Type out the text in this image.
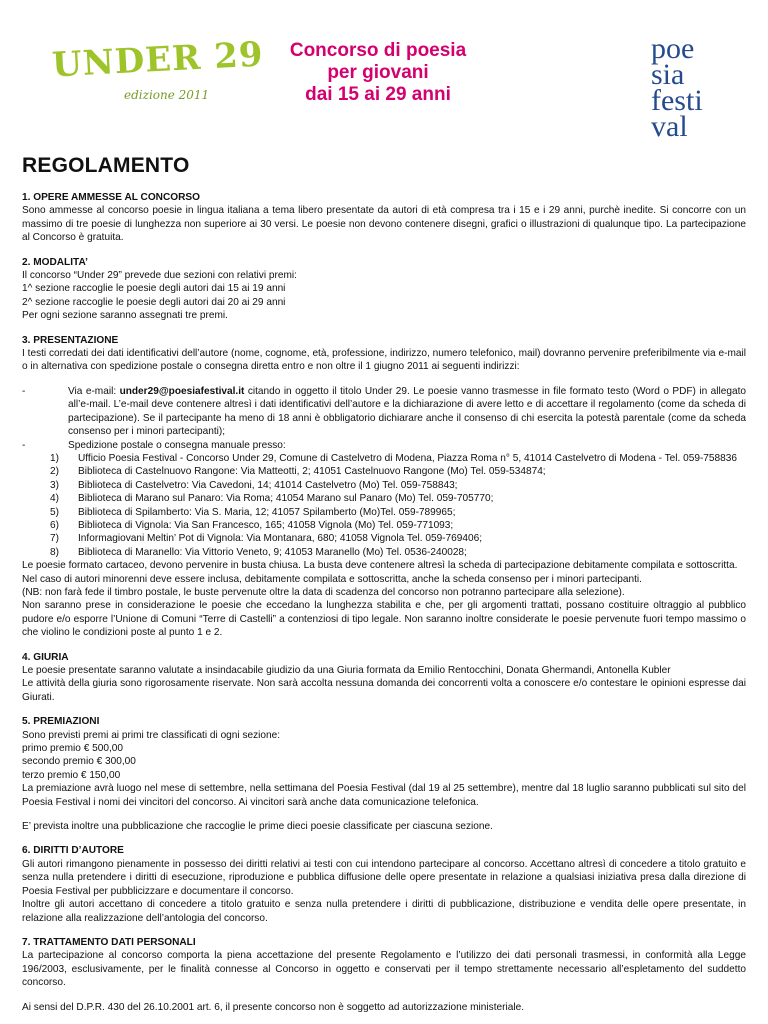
UNDER 29
edizione 2011
Concorso di poesia
per giovani
dai 15 ai 29 anni
poe
sia
festi
val
REGOLAMENTO
1. OPERE AMMESSE AL CONCORSO

Sono ammesse al concorso poesie in lingua italiana a tema libero presentate da autori di età compresa tra i 15 e i 29 anni, purchè inedite. Si concorre con un massimo di tre poesie di lunghezza non superiore ai 30 versi. Le poesie non devono contenere disegni, grafici o illustrazioni di qualunque tipo. La partecipazione al Concorso è gratuita.

2. MODALITA’

Il concorso “Under 29” prevede due sezioni con relativi premi:

1^ sezione raccoglie le poesie degli autori dai 15 ai 19 anni

2^ sezione raccoglie le poesie degli autori dai 20 ai 29 anni

Per ogni sezione saranno assegnati tre premi.

3. PRESENTAZIONE

I testi corredati dei dati identificativi dell’autore (nome, cognome, età, professione, indirizzo, numero telefonico, mail) dovranno pervenire preferibilmente via e-mail o in alternativa con spedizione postale o consegna diretta entro e non oltre il 1 giugno 2011 ai seguenti indirizzi:

-	Via e-mail: under29@poesiafestival.it citando in oggetto il titolo Under 29. Le poesie vanno trasmesse in file formato testo (Word o PDF) in allegato all’e-mail. L’e-mail deve contenere altresì i dati identificativi dell’autore e la dichiarazione di avere letto e di accettare il regolamento (come da scheda di partecipazione). Se il partecipante ha meno di 18 anni è obbligatorio dichiarare anche il consenso di chi esercita la potestà parentale (come da scheda consenso per i minori partecipanti);

-	Spedizione postale o consegna manuale presso:

1) Ufficio Poesia Festival - Concorso Under 29, Comune di Castelvetro di Modena, Piazza Roma n° 5, 41014 Castelvetro di Modena - Tel. 059-758836
2) Biblioteca di Castelnuovo Rangone: Via Matteotti, 2; 41051 Castelnuovo Rangone (Mo) Tel. 059-534874;
3) Biblioteca di Castelvetro: Via Cavedoni, 14; 41014 Castelvetro (Mo) Tel. 059-758843;
4) Biblioteca di Marano sul Panaro: Via Roma; 41054 Marano sul Panaro (Mo) Tel. 059-705770;
5) Biblioteca di Spilamberto: Via S. Maria, 12; 41057 Spilamberto (Mo)Tel. 059-789965;
6) Biblioteca di Vignola: Via San Francesco, 165; 41058 Vignola (Mo) Tel. 059-771093;
7) Informagiovani Meltin’ Pot di Vignola: Via Montanara, 680; 41058 Vignola Tel. 059-769406;
8) Biblioteca di Maranello: Via Vittorio Veneto, 9; 41053 Maranello (Mo) Tel. 0536-240028;

Le poesie formato cartaceo, devono pervenire in busta chiusa. La busta deve contenere altresì la scheda di partecipazione debitamente compilata e sottoscritta.

Nel caso di autori minorenni deve essere inclusa, debitamente compilata e sottoscritta, anche la scheda consenso per i minori partecipanti.

(NB: non farà fede il timbro postale, le buste pervenute oltre la data di scadenza del concorso non potranno partecipare alla selezione).

Non saranno prese in considerazione le poesie che eccedano la lunghezza stabilita e che, per gli argomenti trattati, possano costituire oltraggio al pubblico pudore e/o esporre l’Unione di Comuni “Terre di Castelli” a contenziosi di tipo legale. Non saranno inoltre considerate le poesie pervenute fuori tempo massimo o che violino le condizioni poste al punto 1 e 2.

4. GIURIA

Le poesie presentate saranno valutate a insindacabile giudizio da una Giuria formata da Emilio Rentocchini, Donata Ghermandi, Antonella Kubler

Le attività della giuria sono rigorosamente riservate. Non sarà accolta nessuna domanda dei concorrenti volta a conoscere e/o contestare le opinioni espresse dai Giurati.

5. PREMIAZIONI

Sono previsti premi ai primi tre classificati di ogni sezione:

primo premio € 500,00

secondo premio € 300,00

terzo premio € 150,00

La premiazione avrà luogo nel mese di settembre, nella settimana del Poesia Festival (dal 19 al 25 settembre), mentre dal 18 luglio saranno pubblicati sul sito del Poesia Festival i nomi dei vincitori del concorso. Ai vincitori sarà anche data comunicazione telefonica.

E’ prevista inoltre una pubblicazione che raccoglie le prime dieci poesie classificate per ciascuna sezione.

6. DIRITTI D’AUTORE

Gli autori rimangono pienamente in possesso dei diritti relativi ai testi con cui intendono partecipare al concorso. Accettano altresì di concedere a titolo gratuito e senza nulla pretendere i diritti di esecuzione, riproduzione e pubblica diffusione delle opere presentate in relazione a qualsiasi iniziativa presa dalla direzione di Poesia Festival per pubblicizzare e documentare il concorso.

Inoltre gli autori accettano di concedere a titolo gratuito e senza nulla pretendere i diritti di pubblicazione, distribuzione e vendita delle opere presentate, in relazione alla realizzazione dell’antologia del concorso.

7. TRATTAMENTO DATI PERSONALI

La partecipazione al concorso comporta la piena accettazione del presente Regolamento e l’utilizzo dei dati personali trasmessi, in conformità alla Legge 196/2003, esclusivamente, per le finalità connesse al Concorso in oggetto e conservati per il tempo strettamente necessario all’espletamento del suddetto concorso.

Ai sensi del D.P.R. 430 del 26.10.2001 art. 6, il presente concorso non è soggetto ad autorizzazione ministeriale.
